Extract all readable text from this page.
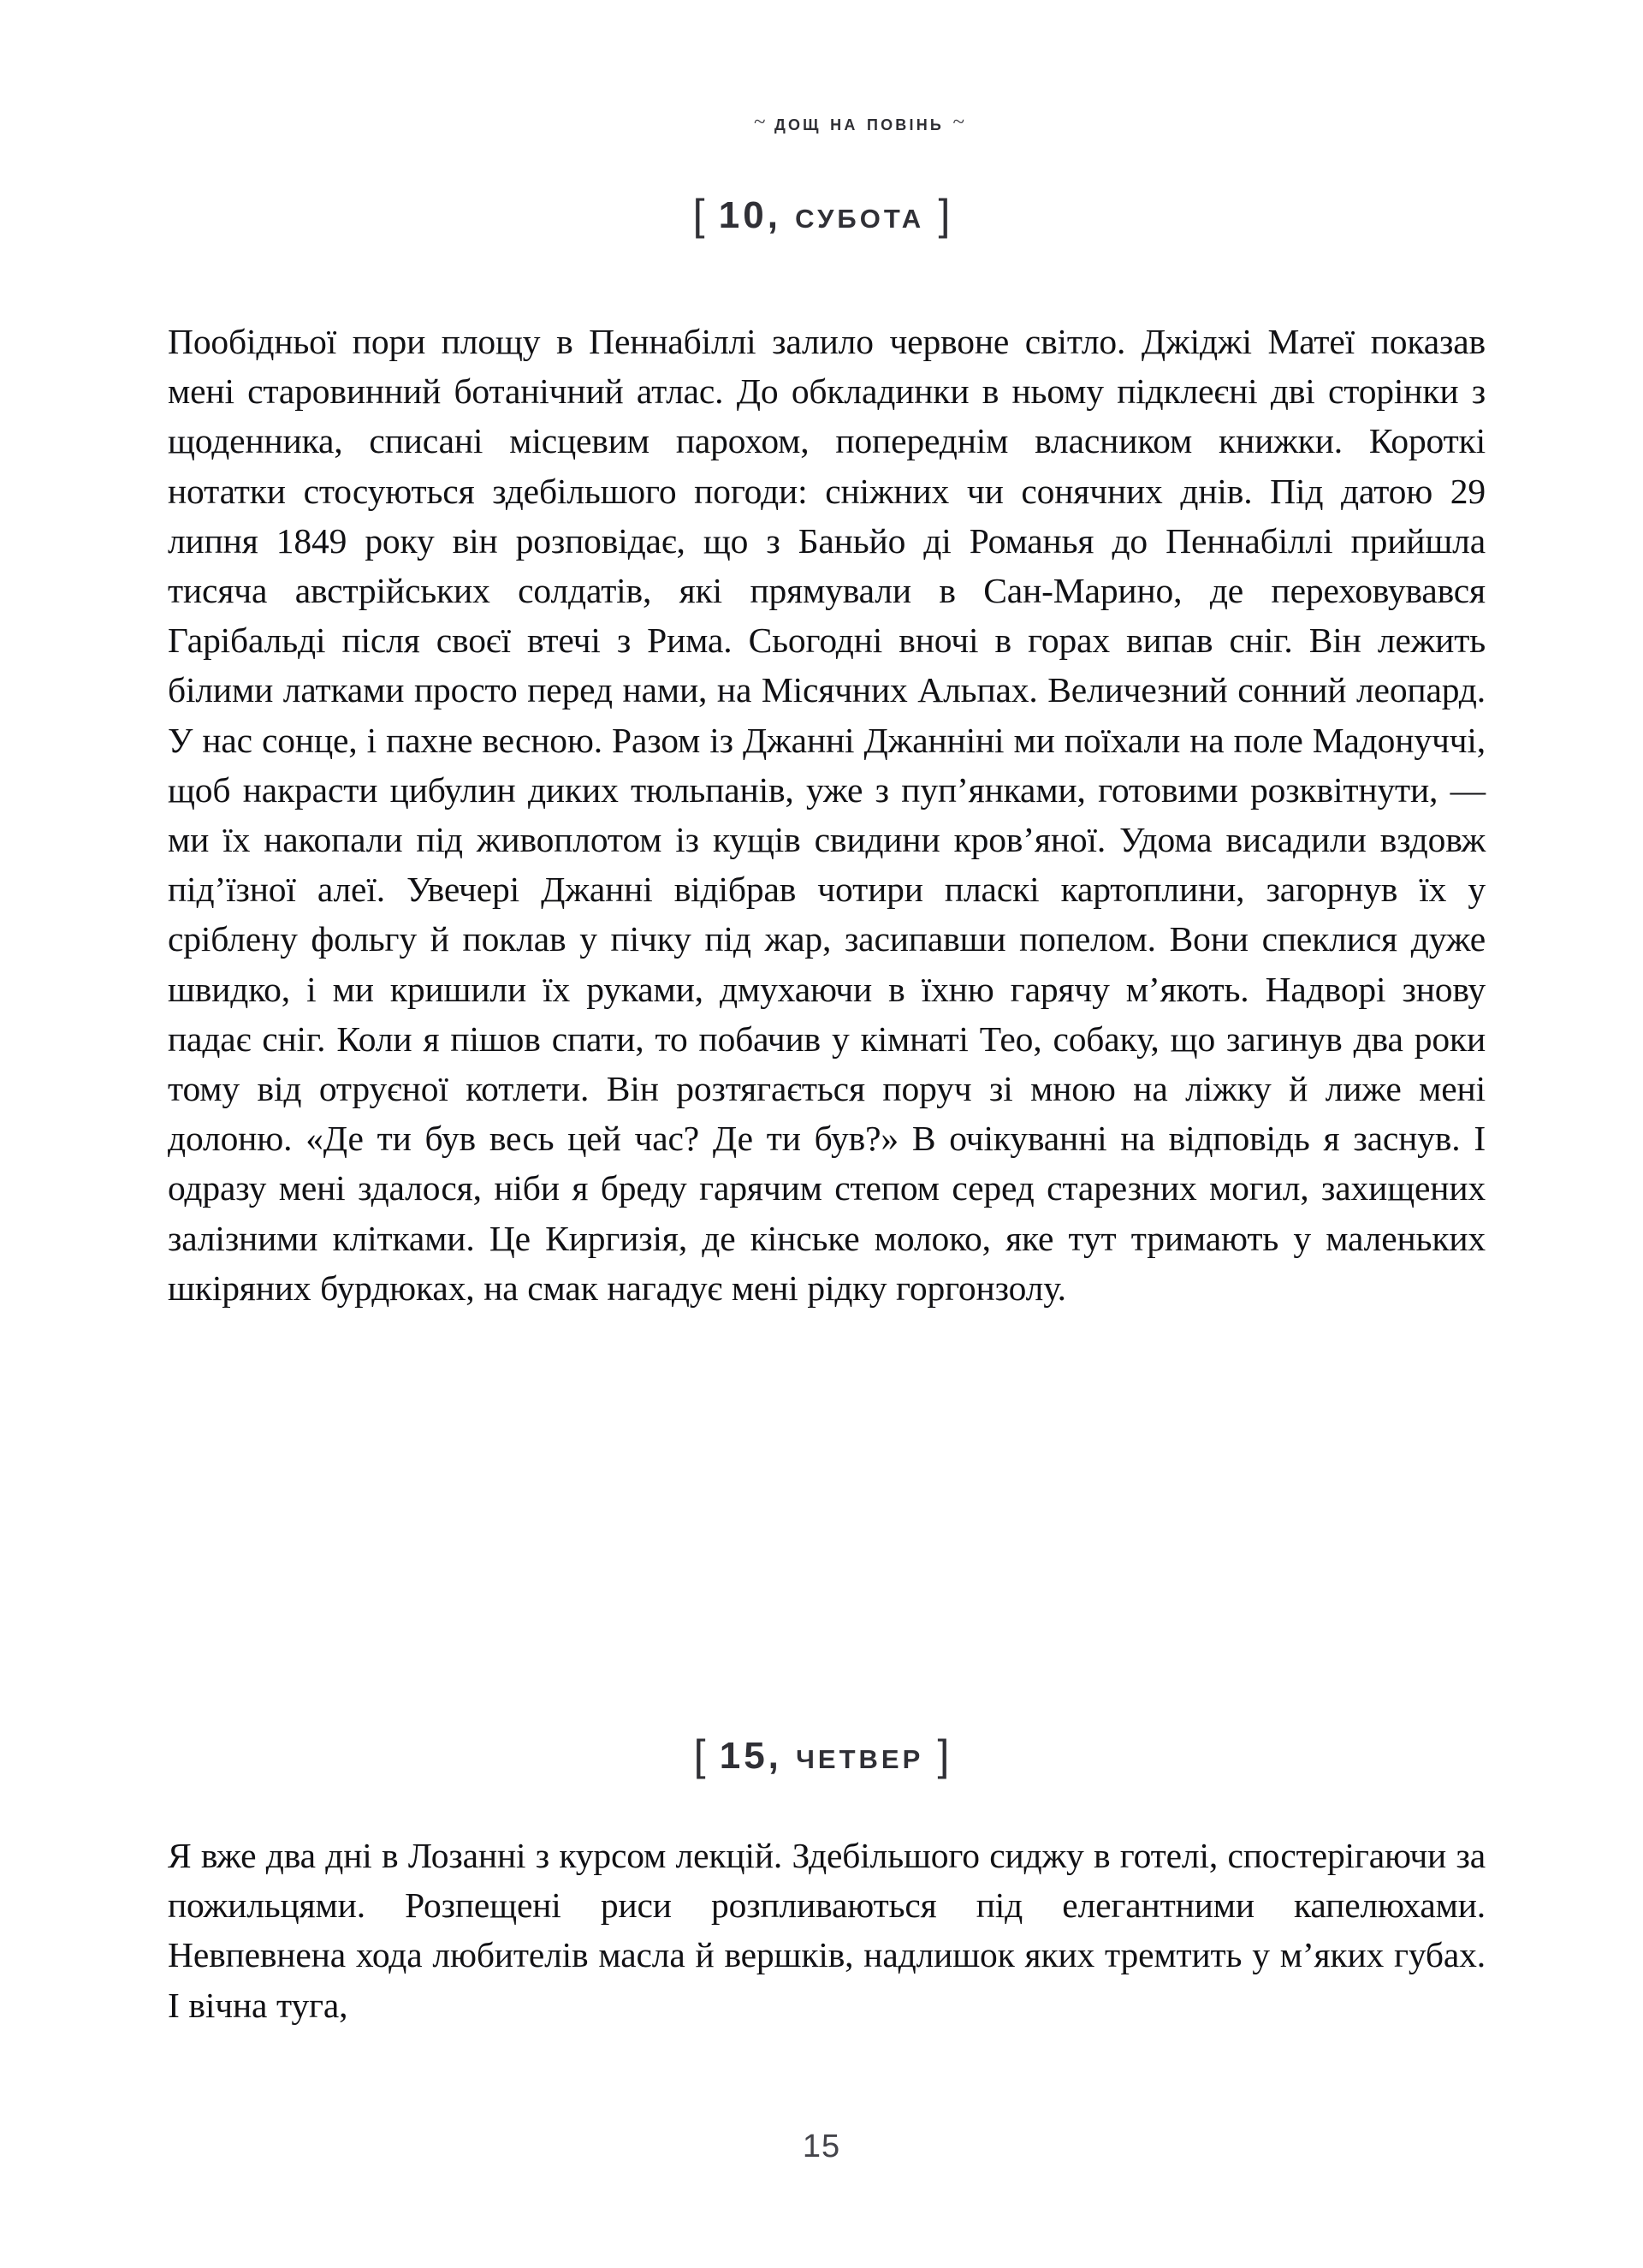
~ дощ на повінь ~
[ 10, субота ]

Пообідньої пори площу в Пеннабіллі залило червоне світло. Джіджі Матеї показав мені старовинний ботанічний атлас. До обкладинки в ньому підклеєні дві сторінки з щоденника, списані місцевим парохом, попереднім власником книжки. Короткі нотатки стосуються здебільшого погоди: сніжних чи сонячних днів. Під датою 29 липня 1849 року він розповідає, що з Баньйо ді Романья до Пеннабіллі прийшла тисяча австрійських солдатів, які прямували в Сан-Марино, де переховувався Гарібальді після своєї втечі з Рима. Сьогодні вночі в горах випав сніг. Він лежить білими латками просто перед нами, на Місячних Альпах. Величезний сонний леопард. У нас сонце, і пахне весною. Разом із Джанні Джанніні ми поїхали на поле Мадонуччі, щоб накрасти цибулин диких тюльпанів, уже з пуп’янками, готовими розквітнути, — ми їх накопали під живоплотом із кущів свидини кров’яної. Удома висадили вздовж під’їзної алеї. Увечері Джанні відібрав чотири пласкі картоплини, загорнув їх у сріблену фольгу й поклав у пічку під жар, засипавши попелом. Вони спеклися дуже швидко, і ми кришили їх руками, дмухаючи в їхню гарячу м’якоть. Надворі знову падає сніг. Коли я пішов спати, то побачив у кімнаті Тео, собаку, що загинув два роки тому від отруєної котлети. Він розтягається поруч зі мною на ліжку й лиже мені долоню. «Де ти був весь цей час? Де ти був?» В очікуванні на відповідь я заснув. І одразу мені здалося, ніби я бреду гарячим степом серед старезних могил, захищених залізними клітками. Це Киргизія, де кінське молоко, яке тут тримають у маленьких шкіряних бурдюках, на смак нагадує мені рідку горгонзолу.

[ 15, четвер ]

Я вже два дні в Лозанні з курсом лекцій. Здебільшого сиджу в готелі, спостерігаючи за пожильцями. Розпещені риси розпливаються під елегантними капелюхами. Невпевнена хода любителів масла й вершків, надлишок яких тремтить у м’яких губах. І вічна туга,

15
